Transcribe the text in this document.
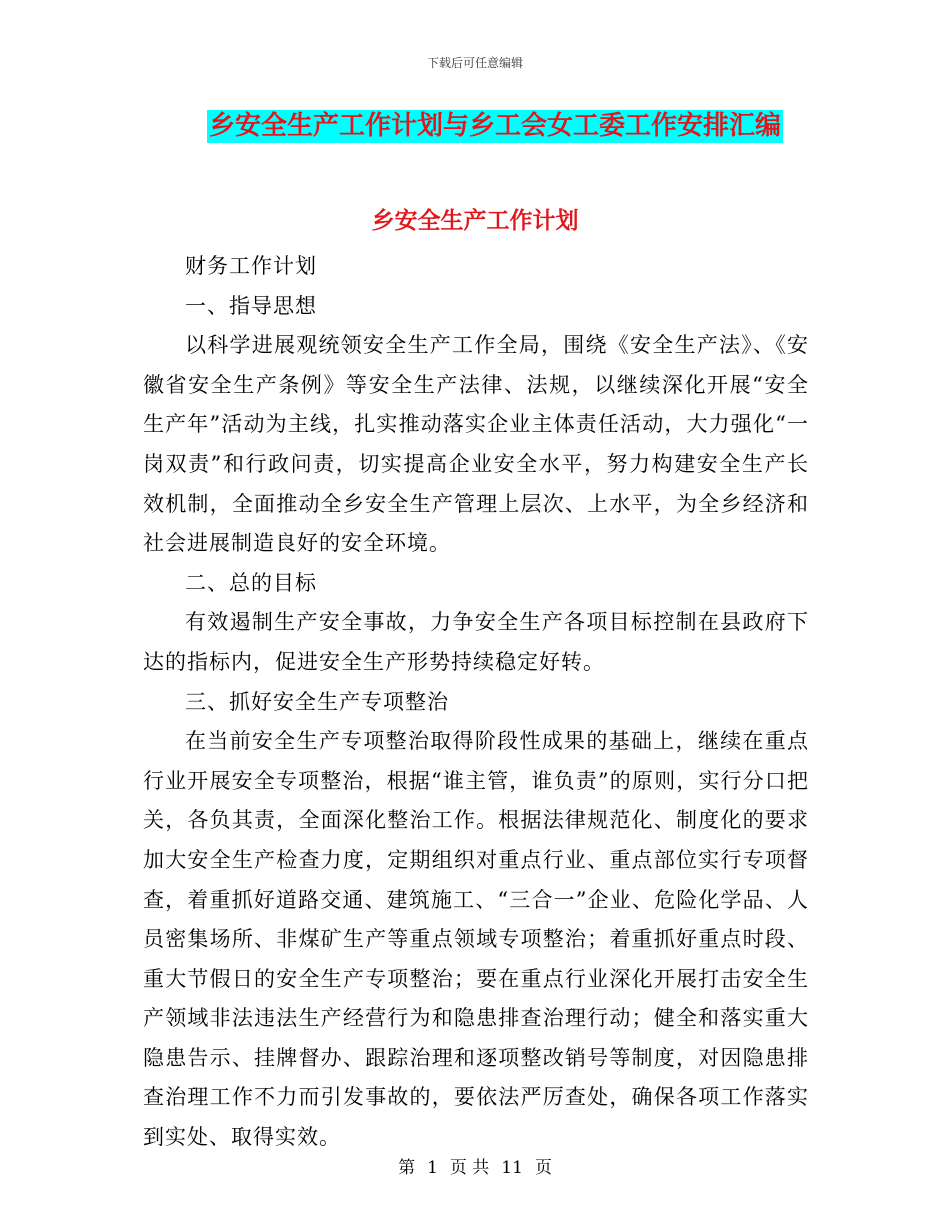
下载后可任意编辑
乡安全生产工作计划与乡工会女工委工作安排汇编
乡安全生产工作计划

财务工作计划

一、指导思想

以科学进展观统领安全生产工作全局，围绕《安全生产法》、《安徽省安全生产条例》等安全生产法律、法规，以继续深化开展“安全生产年”活动为主线，扎实推动落实企业主体责任活动，大力强化“一岗双责”和行政问责，切实提高企业安全水平，努力构建安全生产长效机制，全面推动全乡安全生产管理上层次、上水平，为全乡经济和社会进展制造良好的安全环境。

二、总的目标

有效遏制生产安全事故，力争安全生产各项目标控制在县政府下达的指标内，促进安全生产形势持续稳定好转。

三、抓好安全生产专项整治

在当前安全生产专项整治取得阶段性成果的基础上，继续在重点行业开展安全专项整治，根据“谁主管，谁负责”的原则，实行分口把关，各负其责，全面深化整治工作。根据法律规范化、制度化的要求加大安全生产检查力度，定期组织对重点行业、重点部位实行专项督查，着重抓好道路交通、建筑施工、“三合一”企业、危险化学品、人员密集场所、非煤矿生产等重点领域专项整治；着重抓好重点时段、重大节假日的安全生产专项整治；要在重点行业深化开展打击安全生产领域非法违法生产经营行为和隐患排查治理行动；健全和落实重大隐患告示、挂牌督办、跟踪治理和逐项整改销号等制度，对因隐患排查治理工作不力而引发事故的，要依法严厉查处，确保各项工作落实到实处、取得实效。

第 1 页 共 11 页
